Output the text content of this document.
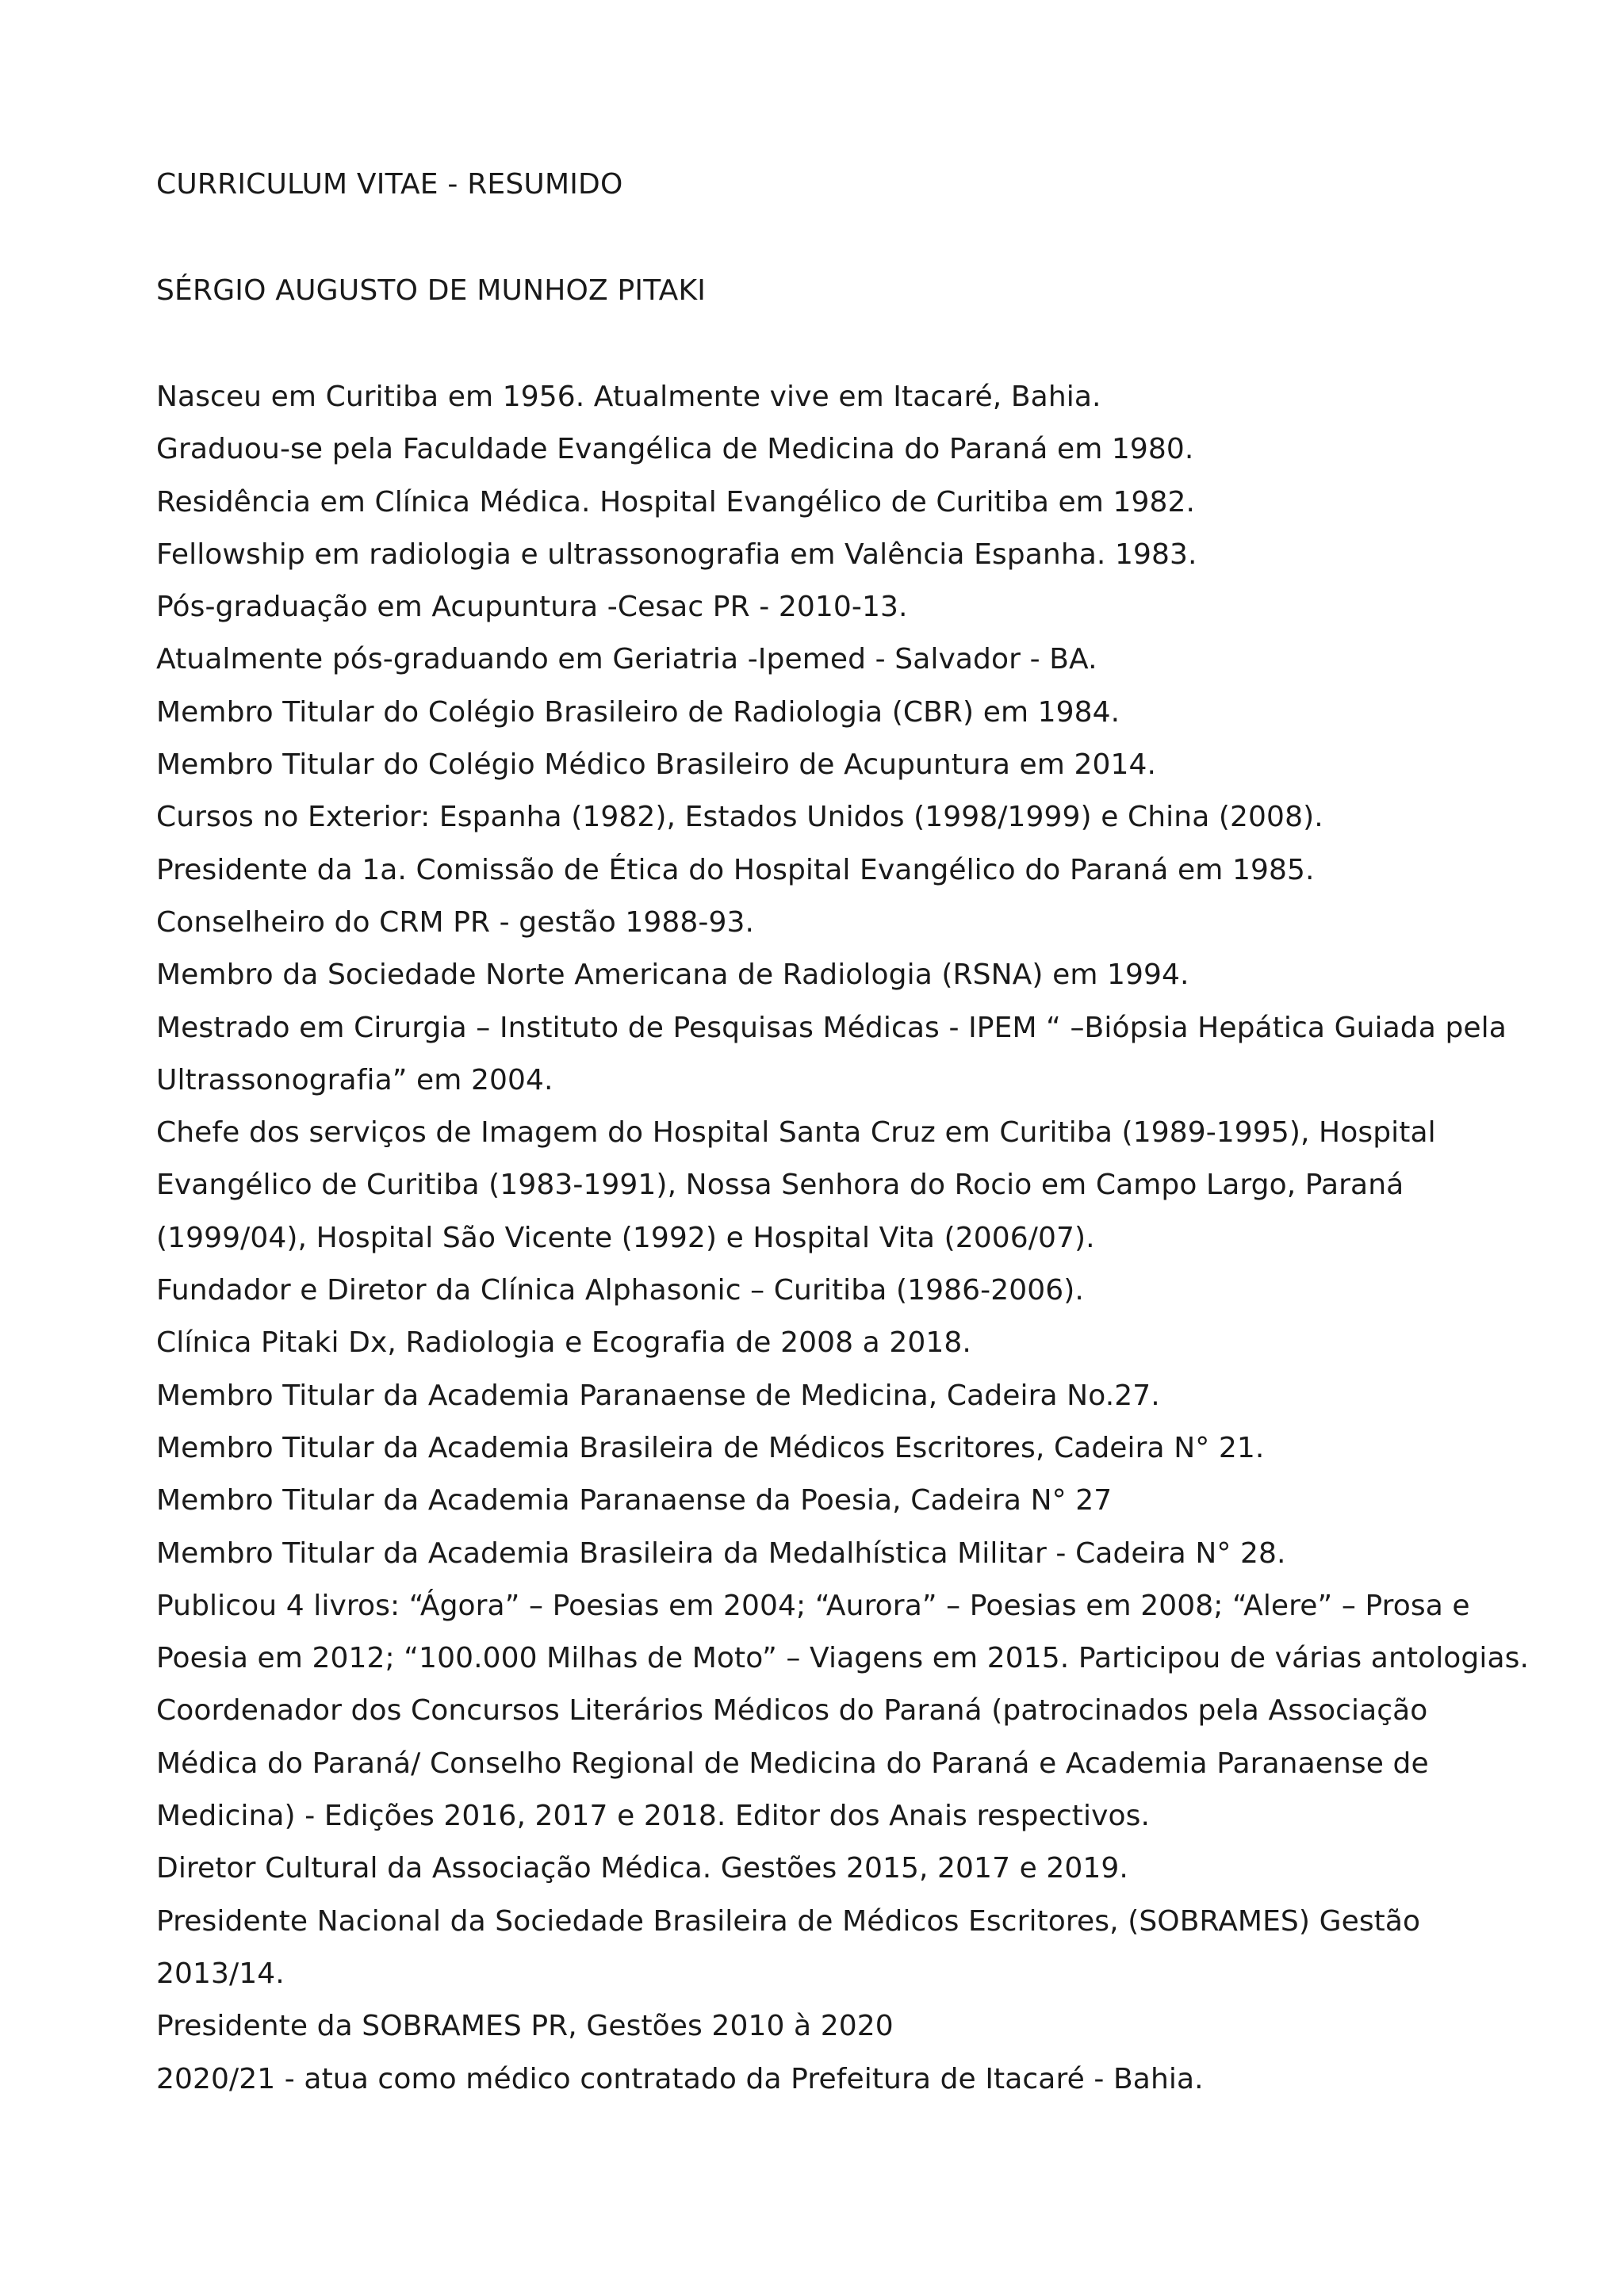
CURRICULUM VITAE - RESUMIDO

SÉRGIO AUGUSTO DE MUNHOZ PITAKI

Nasceu em Curitiba em 1956. Atualmente vive em Itacaré, Bahia.

Graduou-se pela Faculdade Evangélica de Medicina do Paraná em 1980.

Residência em Clínica Médica. Hospital Evangélico de Curitiba em 1982.

Fellowship em radiologia e ultrassonografia em Valência Espanha. 1983.

Pós-graduação em Acupuntura -Cesac PR - 2010-13.

Atualmente pós-graduando em Geriatria -Ipemed - Salvador - BA.

Membro Titular do Colégio Brasileiro de Radiologia (CBR) em 1984.

Membro Titular do Colégio Médico Brasileiro de Acupuntura em 2014.

Cursos no Exterior: Espanha (1982), Estados Unidos (1998/1999) e China (2008).

Presidente da 1a. Comissão de Ética do Hospital Evangélico do Paraná em 1985.

Conselheiro do CRM PR - gestão 1988-93.

Membro da Sociedade Norte Americana de Radiologia (RSNA) em 1994.

Mestrado em Cirurgia – Instituto de Pesquisas Médicas - IPEM “ –Biópsia Hepática Guiada pela

Ultrassonografia” em 2004.

Chefe dos serviços de Imagem do Hospital Santa Cruz em Curitiba (1989-1995), Hospital

Evangélico de Curitiba (1983-1991), Nossa Senhora do Rocio em Campo Largo, Paraná

(1999/04), Hospital São Vicente (1992) e Hospital Vita (2006/07).

Fundador e Diretor da Clínica Alphasonic – Curitiba (1986-2006).

Clínica Pitaki Dx, Radiologia e Ecografia de 2008 a 2018.

Membro Titular da Academia Paranaense de Medicina, Cadeira No.27.

Membro Titular da Academia Brasileira de Médicos Escritores, Cadeira N° 21.

Membro Titular da Academia Paranaense da Poesia, Cadeira N° 27

Membro Titular da Academia Brasileira da Medalhística Militar - Cadeira N° 28.

Publicou 4 livros: “Ágora” – Poesias em 2004; “Aurora” – Poesias em 2008; “Alere” – Prosa e

Poesia em 2012; “100.000 Milhas de Moto” – Viagens em 2015. Participou de várias antologias.

Coordenador dos Concursos Literários Médicos do Paraná (patrocinados pela Associação

Médica do Paraná/ Conselho Regional de Medicina do Paraná e Academia Paranaense de

Medicina) - Edições 2016, 2017 e 2018. Editor dos Anais respectivos.

Diretor Cultural da Associação Médica. Gestões 2015, 2017 e 2019.

Presidente Nacional da Sociedade Brasileira de Médicos Escritores, (SOBRAMES) Gestão

2013/14.

Presidente da SOBRAMES PR, Gestões 2010 à 2020

2020/21 - atua como médico contratado da Prefeitura de Itacaré - Bahia.
